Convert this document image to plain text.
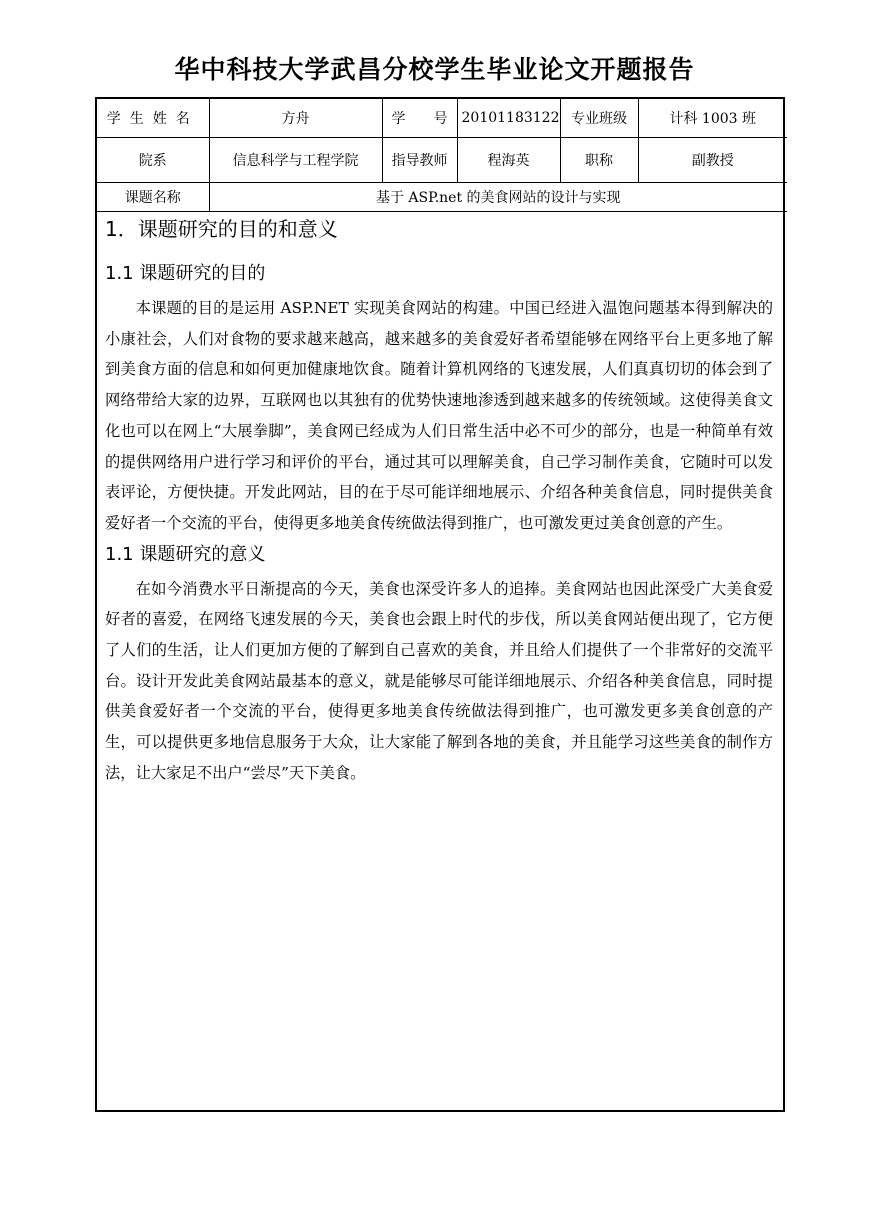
华中科技大学武昌分校学生毕业论文开题报告
学生姓名	方舟	学　　号	20101183122	专业班级	计科 1003 班
院系	信息科学与工程学院	指导教师	程海英	职称	副教授
课题名称	基于 ASP.net 的美食网站的设计与实现				
1．课题研究的目的和意义
1.1 课题研究的目的

本课题的目的是运用 ASP.NET 实现美食网站的构建。中国已经进入温饱问题基本得到解决的小康社会，人们对食物的要求越来越高，越来越多的美食爱好者希望能够在网络平台上更多地了解到美食方面的信息和如何更加健康地饮食。随着计算机网络的飞速发展，人们真真切切的体会到了网络带给大家的边界，互联网也以其独有的优势快速地渗透到越来越多的传统领域。这使得美食文化也可以在网上“大展拳脚”，美食网已经成为人们日常生活中必不可少的部分，也是一种简单有效的提供网络用户进行学习和评价的平台，通过其可以理解美食，自己学习制作美食，它随时可以发表评论，方便快捷。开发此网站，目的在于尽可能详细地展示、介绍各种美食信息，同时提供美食爱好者一个交流的平台，使得更多地美食传统做法得到推广，也可激发更过美食创意的产生。

1.1 课题研究的意义

在如今消费水平日渐提高的今天，美食也深受许多人的追捧。美食网站也因此深受广大美食爱好者的喜爱，在网络飞速发展的今天，美食也会跟上时代的步伐，所以美食网站便出现了，它方便了人们的生活，让人们更加方便的了解到自己喜欢的美食，并且给人们提供了一个非常好的交流平台。设计开发此美食网站最基本的意义，就是能够尽可能详细地展示、介绍各种美食信息，同时提供美食爱好者一个交流的平台，使得更多地美食传统做法得到推广，也可激发更多美食创意的产生，可以提供更多地信息服务于大众，让大家能了解到各地的美食，并且能学习这些美食的制作方法，让大家足不出户“尝尽”天下美食。
